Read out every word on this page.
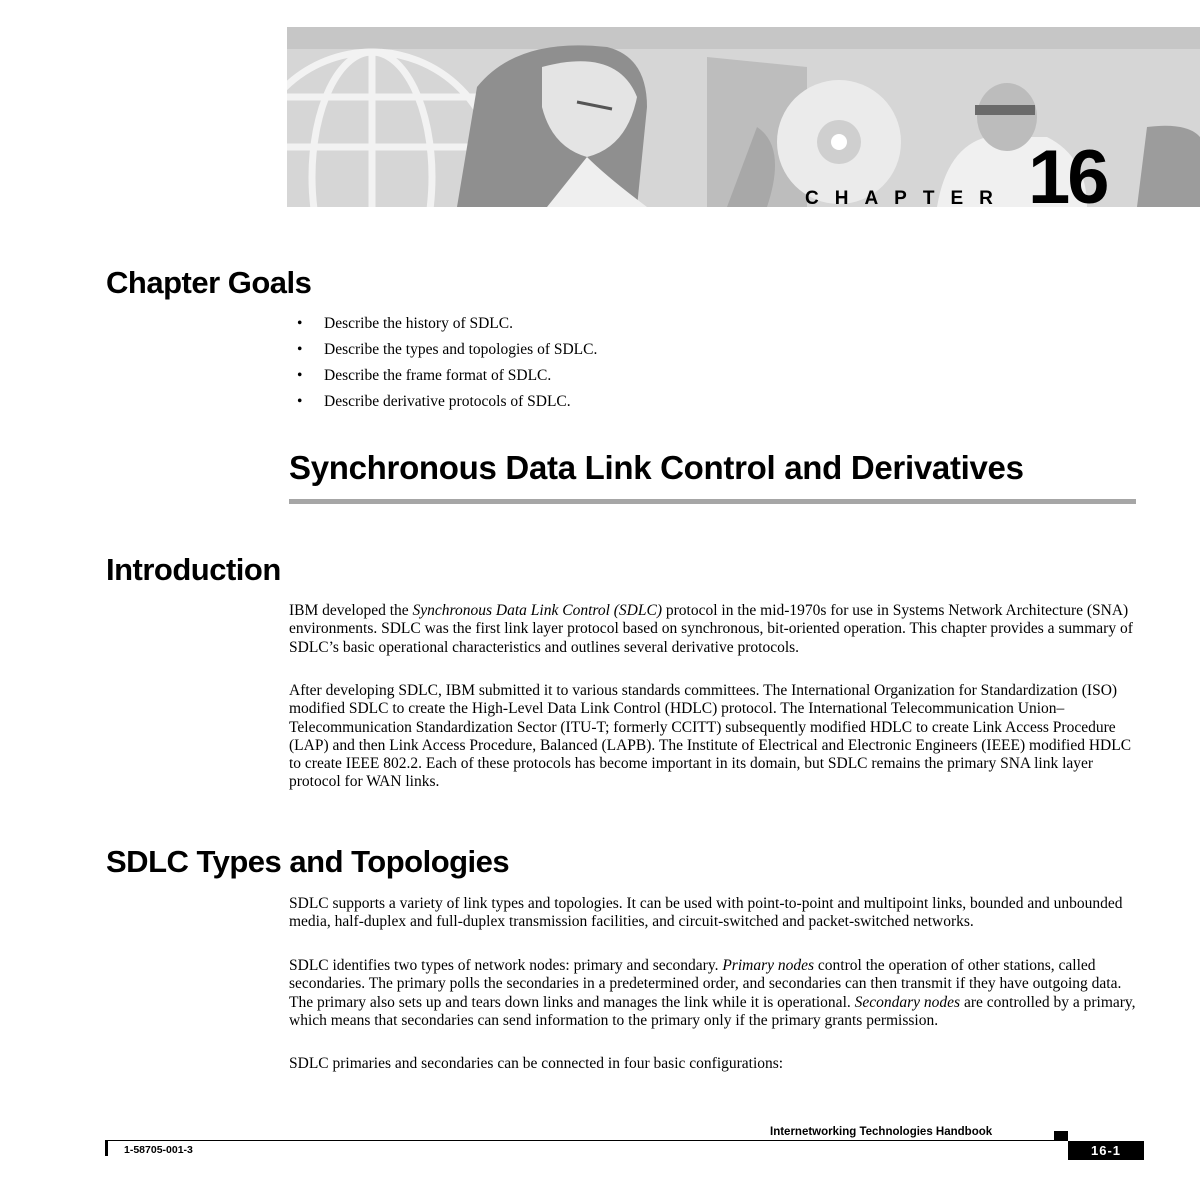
CHAPTER 16
Chapter Goals
• Describe the history of SDLC.
• Describe the types and topologies of SDLC.
• Describe the frame format of SDLC.
• Describe derivative protocols of SDLC.
Synchronous Data Link Control and Derivatives
Introduction

IBM developed the Synchronous Data Link Control (SDLC) protocol in the mid-1970s for use in Systems Network Architecture (SNA) environments. SDLC was the first link layer protocol based on synchronous, bit-oriented operation. This chapter provides a summary of SDLC’s basic operational characteristics and outlines several derivative protocols.

After developing SDLC, IBM submitted it to various standards committees. The International Organization for Standardization (ISO) modified SDLC to create the High-Level Data Link Control (HDLC) protocol. The International Telecommunication Union–Telecommunication Standardization Sector (ITU-T; formerly CCITT) subsequently modified HDLC to create Link Access Procedure (LAP) and then Link Access Procedure, Balanced (LAPB). The Institute of Electrical and Electronic Engineers (IEEE) modified HDLC to create IEEE 802.2. Each of these protocols has become important in its domain, but SDLC remains the primary SNA link layer protocol for WAN links.

SDLC Types and Topologies

SDLC supports a variety of link types and topologies. It can be used with point-to-point and multipoint links, bounded and unbounded media, half-duplex and full-duplex transmission facilities, and circuit-switched and packet-switched networks.

SDLC identifies two types of network nodes: primary and secondary. Primary nodes control the operation of other stations, called secondaries. The primary polls the secondaries in a predetermined order, and secondaries can then transmit if they have outgoing data. The primary also sets up and tears down links and manages the link while it is operational. Secondary nodes are controlled by a primary, which means that secondaries can send information to the primary only if the primary grants permission.

SDLC primaries and secondaries can be connected in four basic configurations:

Internetworking Technologies Handbook
1-58705-001-3	16-1
